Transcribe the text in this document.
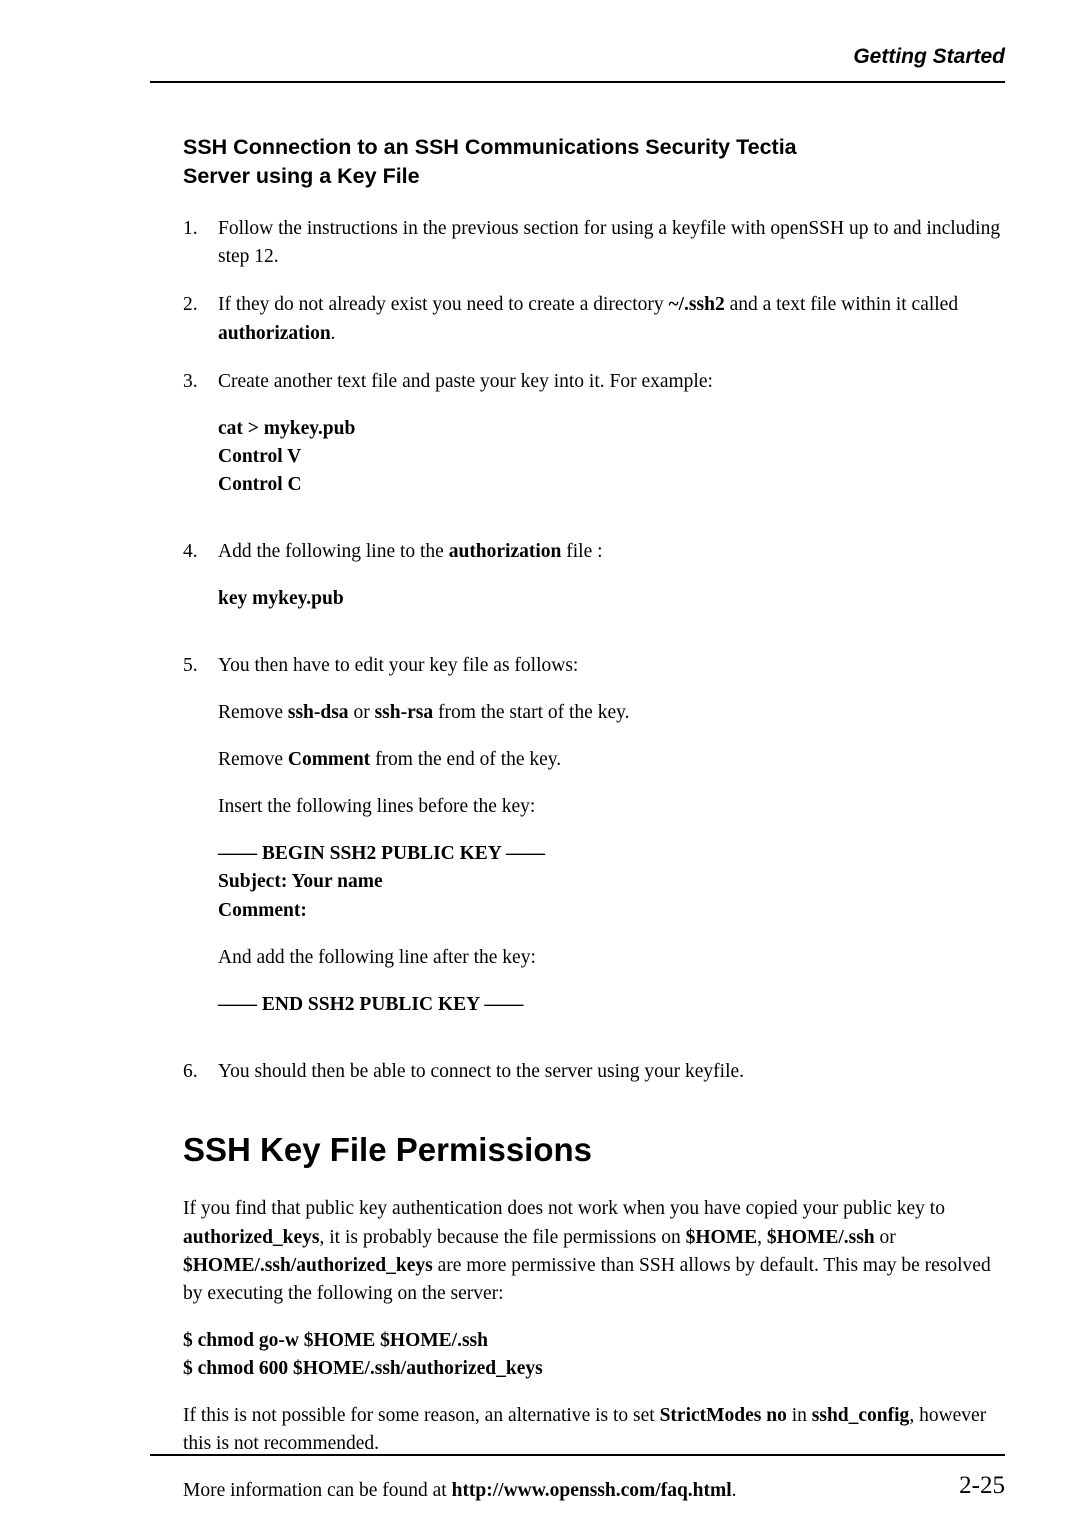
Getting Started
SSH Connection to an SSH Communications Security Tectia
Server using a Key File
1.	Follow the instructions in the previous section for using a keyfile with openSSH up to and including step 12.

2.	If they do not already exist you need to create a directory ~/.ssh2 and a text file within it called authorization.

3.	Create another text file and paste your key into it. For example:

cat > mykey.pub
Control V
Control C
4.	Add the following line to the authorization file :

key mykey.pub
5.	You then have to edit your key file as follows:

Remove ssh-dsa or ssh-rsa from the start of the key.

Remove Comment from the end of the key.

Insert the following lines before the key:

—— BEGIN SSH2 PUBLIC KEY ——
Subject: Your name
Comment:

And add the following line after the key:

—— END SSH2 PUBLIC KEY ——
6.	You should then be able to connect to the server using your keyfile.

SSH Key File Permissions

If you find that public key authentication does not work when you have copied your public key to authorized_keys, it is probably because the file permissions on $HOME, $HOME/.ssh or $HOME/.ssh/authorized_keys are more permissive than SSH allows by default. This may be resolved by executing the following on the server:

$ chmod go-w $HOME $HOME/.ssh
$ chmod 600 $HOME/.ssh/authorized_keys

If this is not possible for some reason, an alternative is to set StrictModes no in sshd_config, however this is not recommended.

More information can be found at http://www.openssh.com/faq.html.	2-25
